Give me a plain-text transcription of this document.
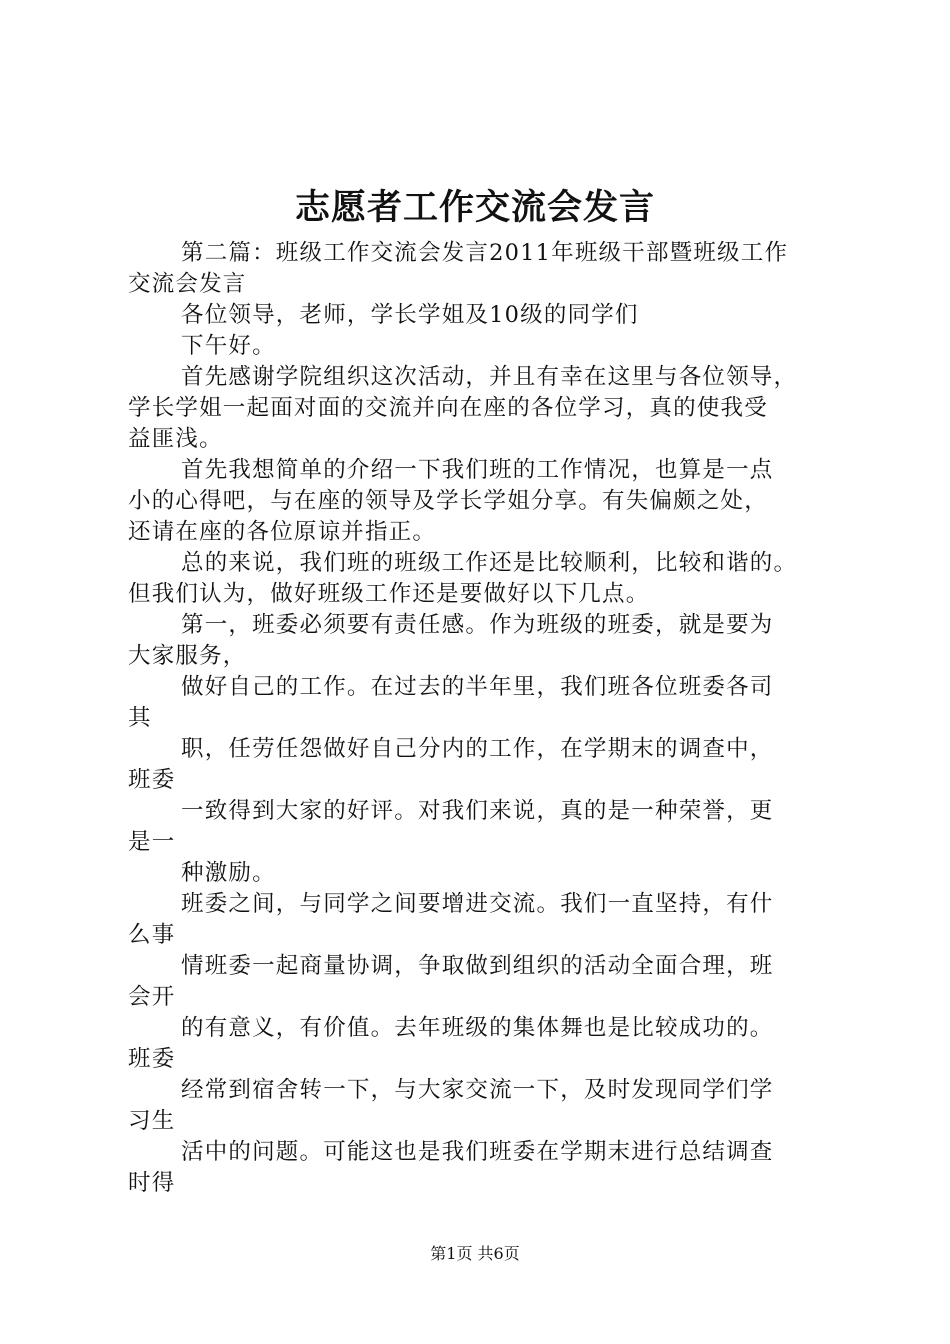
志愿者工作交流会发言
第二篇：班级工作交流会发言2011年班级干部暨班级工作
交流会发言
各位领导，老师，学长学姐及10级的同学们
下午好。
首先感谢学院组织这次活动，并且有幸在这里与各位领导，
学长学姐一起面对面的交流并向在座的各位学习，真的使我受
益匪浅。
首先我想简单的介绍一下我们班的工作情况，也算是一点
小的心得吧，与在座的领导及学长学姐分享。有失偏颇之处，
还请在座的各位原谅并指正。
总的来说，我们班的班级工作还是比较顺利，比较和谐的。
但我们认为，做好班级工作还是要做好以下几点。
第一，班委必须要有责任感。作为班级的班委，就是要为
大家服务，
做好自己的工作。在过去的半年里，我们班各位班委各司
其
职，任劳任怨做好自己分内的工作，在学期末的调查中，
班委
一致得到大家的好评。对我们来说，真的是一种荣誉，更
是一
种激励。
班委之间，与同学之间要增进交流。我们一直坚持，有什
么事
情班委一起商量协调，争取做到组织的活动全面合理，班
会开
的有意义，有价值。去年班级的集体舞也是比较成功的。
班委
经常到宿舍转一下，与大家交流一下，及时发现同学们学
习生
活中的问题。可能这也是我们班委在学期末进行总结调查
时得
第1页 共6页
